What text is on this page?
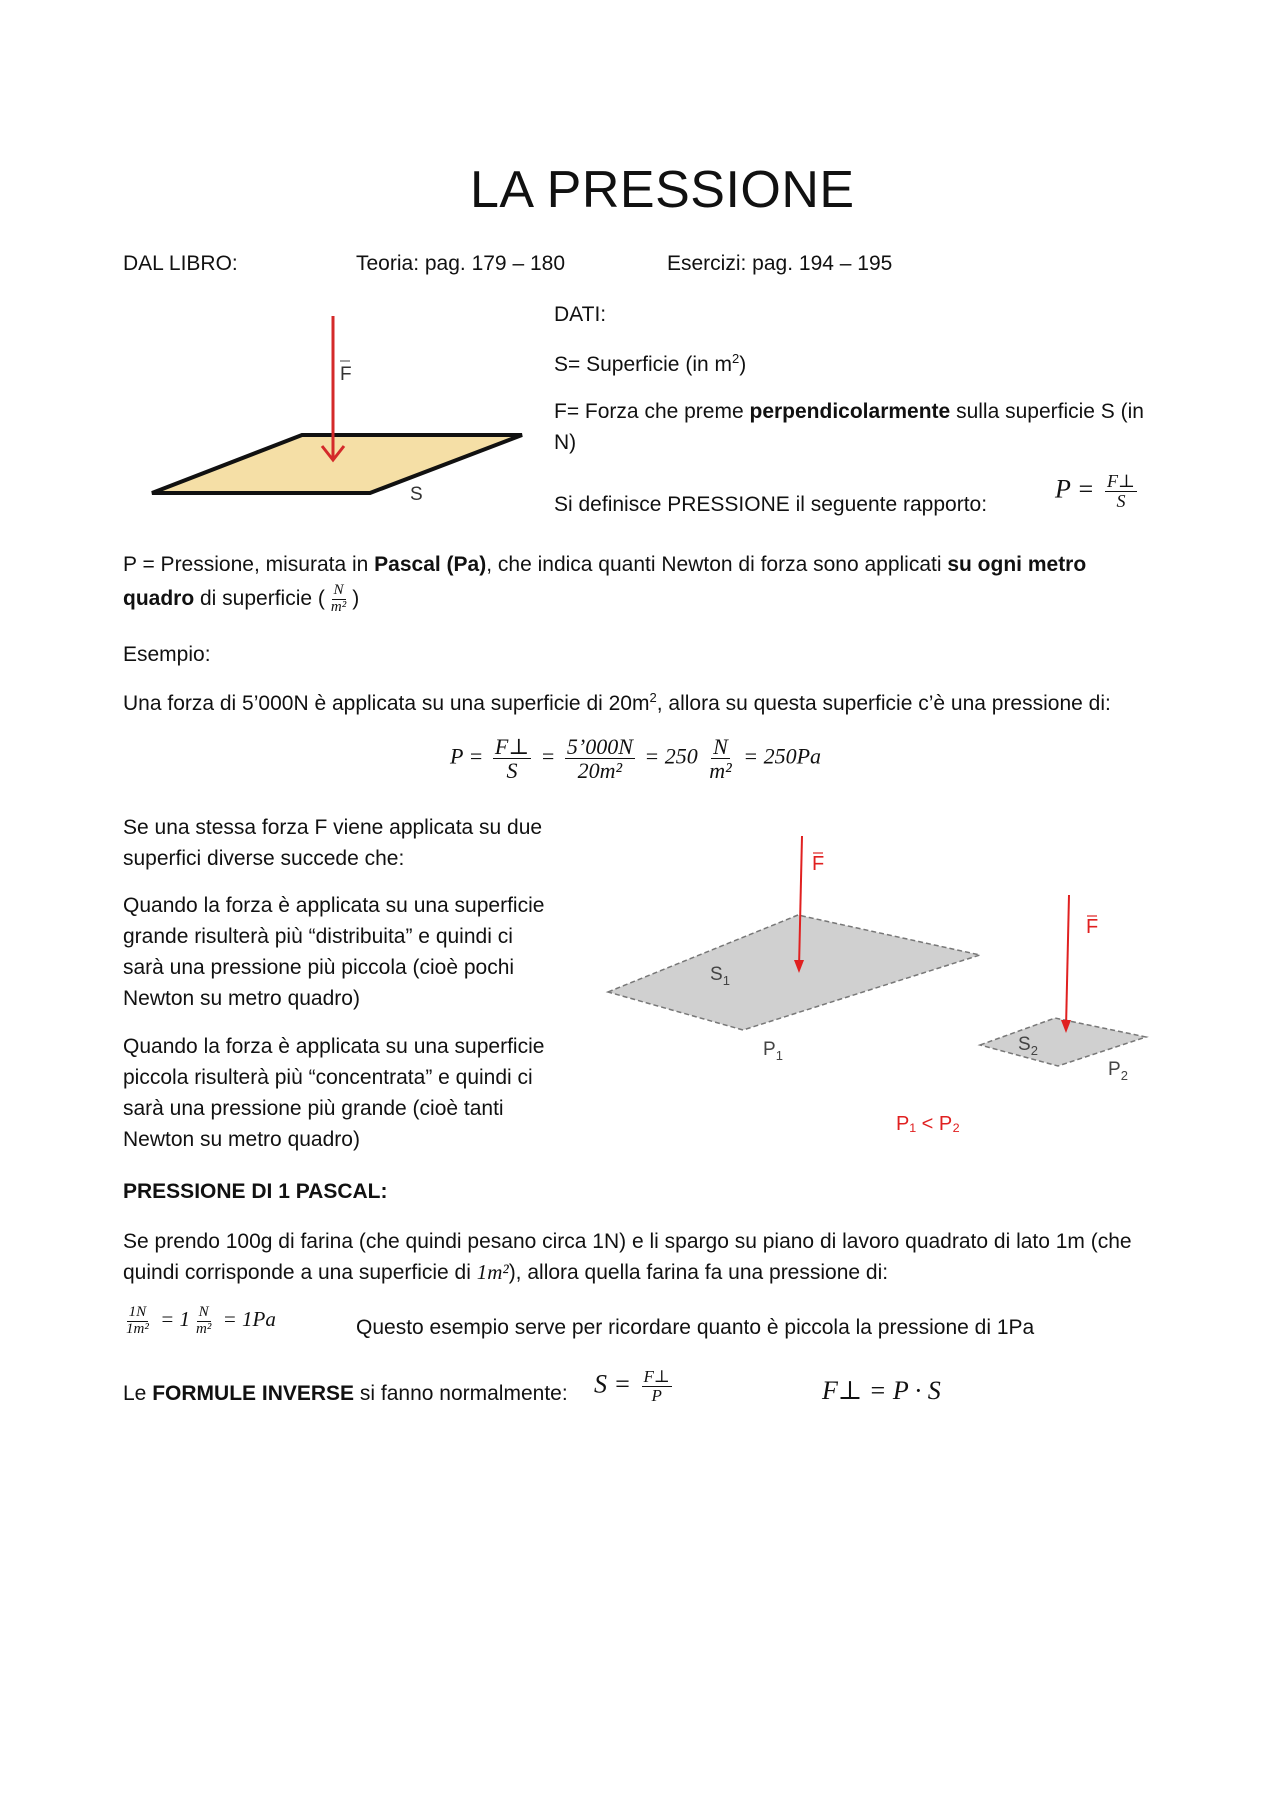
LA PRESSIONE
DAL LIBRO:	Teoria: pag. 179 – 180	Esercizi: pag. 194 – 195
F
S
DATI:
S= Superficie (in $m^2$)
F= Forza che preme perpendicolarmente sulla superficie S (in
N)
Si definisce PRESSIONE il seguente rapporto:
$P = \frac{F\perp}{S}$
P = Pressione, misurata in Pascal (Pa), che indica quanti Newton di forza sono applicati su ogni metro
quadro di superficie ( $\frac{N}{\text{m²}}$ )
Esempio:
Una forza di 5’000N è applicata su una superficie di $20m^2$, allora su questa superficie c’è una pressione di:
$P = \frac{F\perp}{S} = \frac{5’000N}{\text{20m²}} = 250 \frac{N}{\text{m²}} = 250Pa$
Se una stessa forza F viene applicata su due
superfici diverse succede che:
Quando la forza è applicata su una superficie
grande risulterà più “distribuita” e quindi ci
sarà una pressione più piccola (cioè pochi
Newton su metro quadro)
Quando la forza è applicata su una superficie
piccola risulterà più “concentrata” e quindi ci
sarà una pressione più grande (cioè tanti
Newton su metro quadro)
F
F
$S_1$
$P_1$
$S_2$
$P_2$
P₁ < P₂
PRESSIONE DI 1 PASCAL:
Se prendo 100g di farina (che quindi pesano circa 1N) e li spargo su piano di lavoro quadrato di lato 1m (che
quindi corrisponde a una superficie di 1m²), allora quella farina fa una pressione di:
$\frac{1N}{\text{1m²}} = 1 \frac{N}{\text{m²}} = 1Pa$	Questo esempio serve per ricordare quanto è piccola la pressione di 1Pa
Le FORMULE INVERSE si fanno normalmente: $S = \frac{F\perp}{P}$	F⊥ = P · S
